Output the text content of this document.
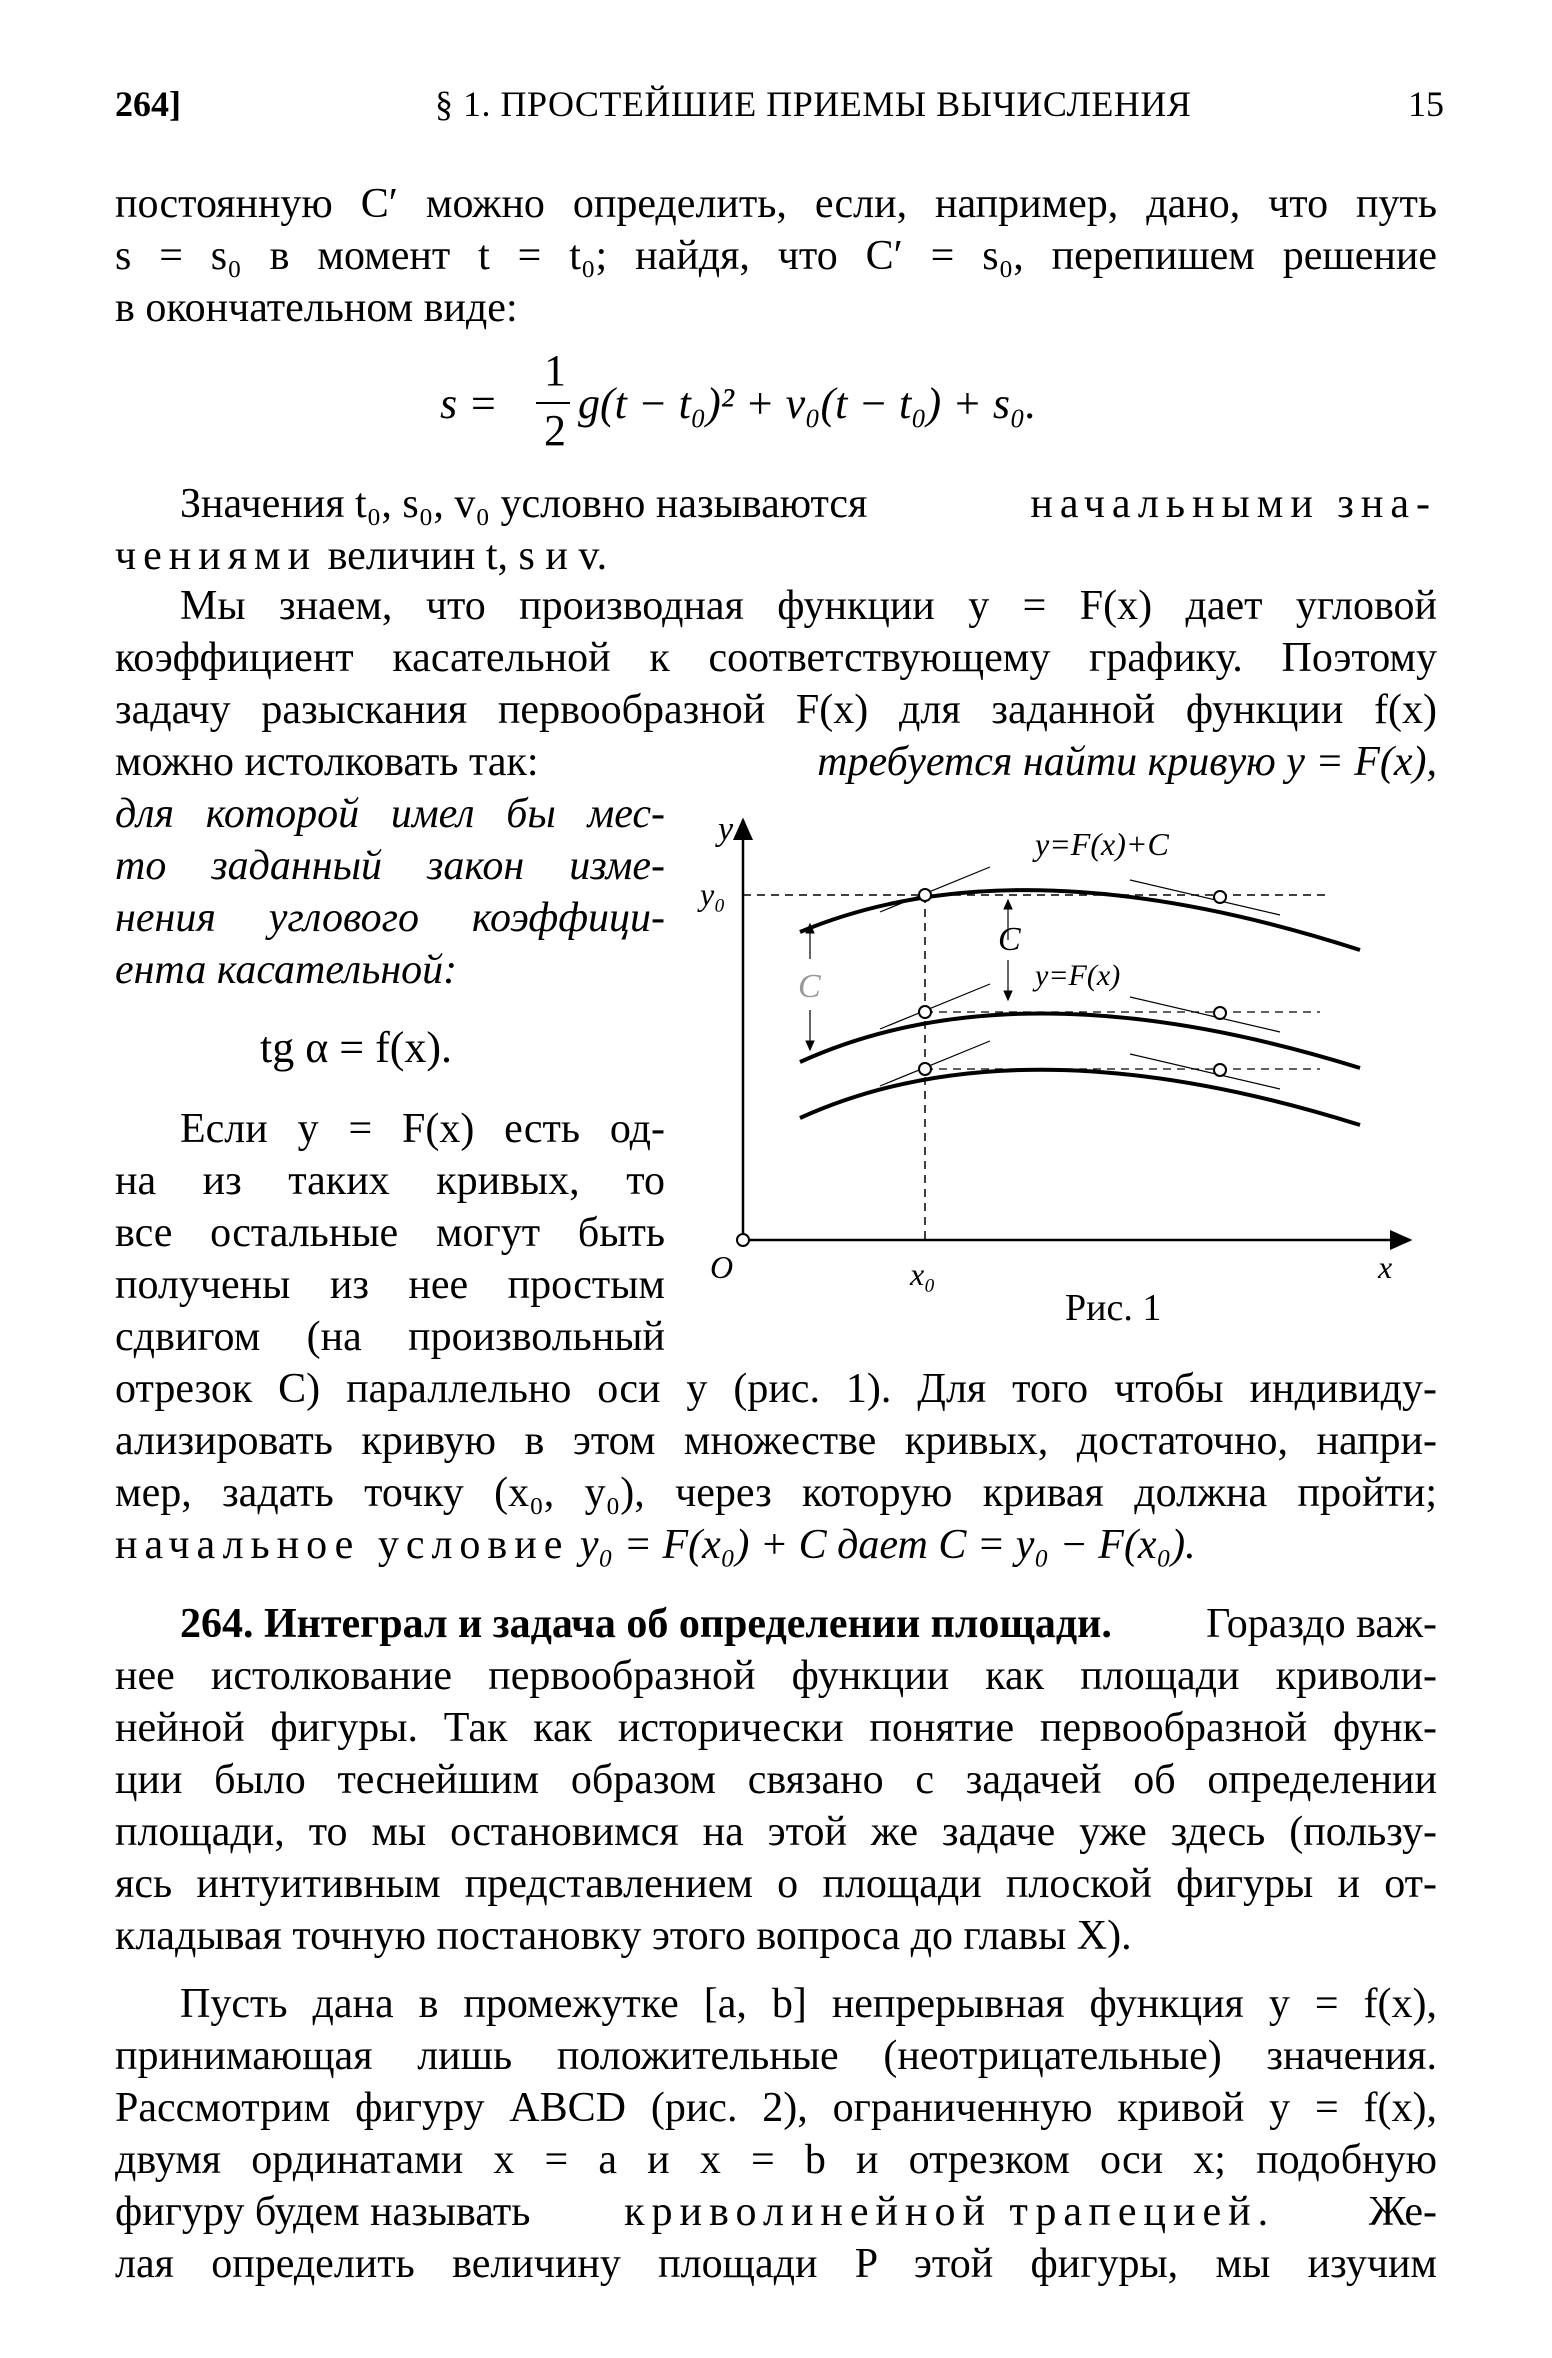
264]	§ 1. ПРОСТЕЙШИЕ ПРИЕМЫ ВЫЧИСЛЕНИЯ	15
постоянную C′ можно определить, если, например, дано, что путь
s = s₀ в момент t = t₀; найдя, что C′ = s₀, перепишем решение
в окончательном виде:
s =
1
2
g(t − t₀)² + v₀(t − t₀) + s₀.
Значения t₀, s₀, v₀ условно называются	начальными зна-
чениями величин t, s и v.
Мы знаем, что производная функции y = F(x) дает угловой
коэффициент касательной к соответствующему графику. Поэтому
задачу разыскания первообразной F(x) для заданной функции f(x)
можно истолковать так:	требуется найти кривую y = F(x),
для которой имел бы мес-
то заданный закон изме-
нения углового коэффици-
ента касательной:
tg α = f(x).
Если y = F(x) есть од-
на из таких кривых, то
все остальные могут быть
получены из нее простым
сдвигом (на произвольный
отрезок C) параллельно оси y (рис. 1). Для того чтобы индивиду-
ализировать кривую в этом множестве кривых, достаточно, напри-
мер, задать точку (x₀, y₀), через которую кривая должна пройти;
начальное условие y₀ = F(x₀) + C дает C = y₀ − F(x₀).
y
y₀
O	x₀	x
y=F(x)+C
y=F(x)
C
C
Рис. 1
264. Интеграл и задача об определении площади. Гораздо важ-
нее истолкование первообразной функции как площади криволи-
нейной фигуры. Так как исторически понятие первообразной функ-
ции было теснейшим образом связано с задачей об определении
площади, то мы остановимся на этой же задаче уже здесь (пользу-
ясь интуитивным представлением о площади плоской фигуры и от-
кладывая точную постановку этого вопроса до главы X).
Пусть дана в промежутке [a, b] непрерывная функция y = f(x),
принимающая лишь положительные (неотрицательные) значения.
Рассмотрим фигуру ABCD (рис. 2), ограниченную кривой y = f(x),
двумя ординатами x = a и x = b и отрезком оси x; подобную
фигуру будем называть криволинейной трапецией. Же-
лая определить величину площади P этой фигуры, мы изучим
